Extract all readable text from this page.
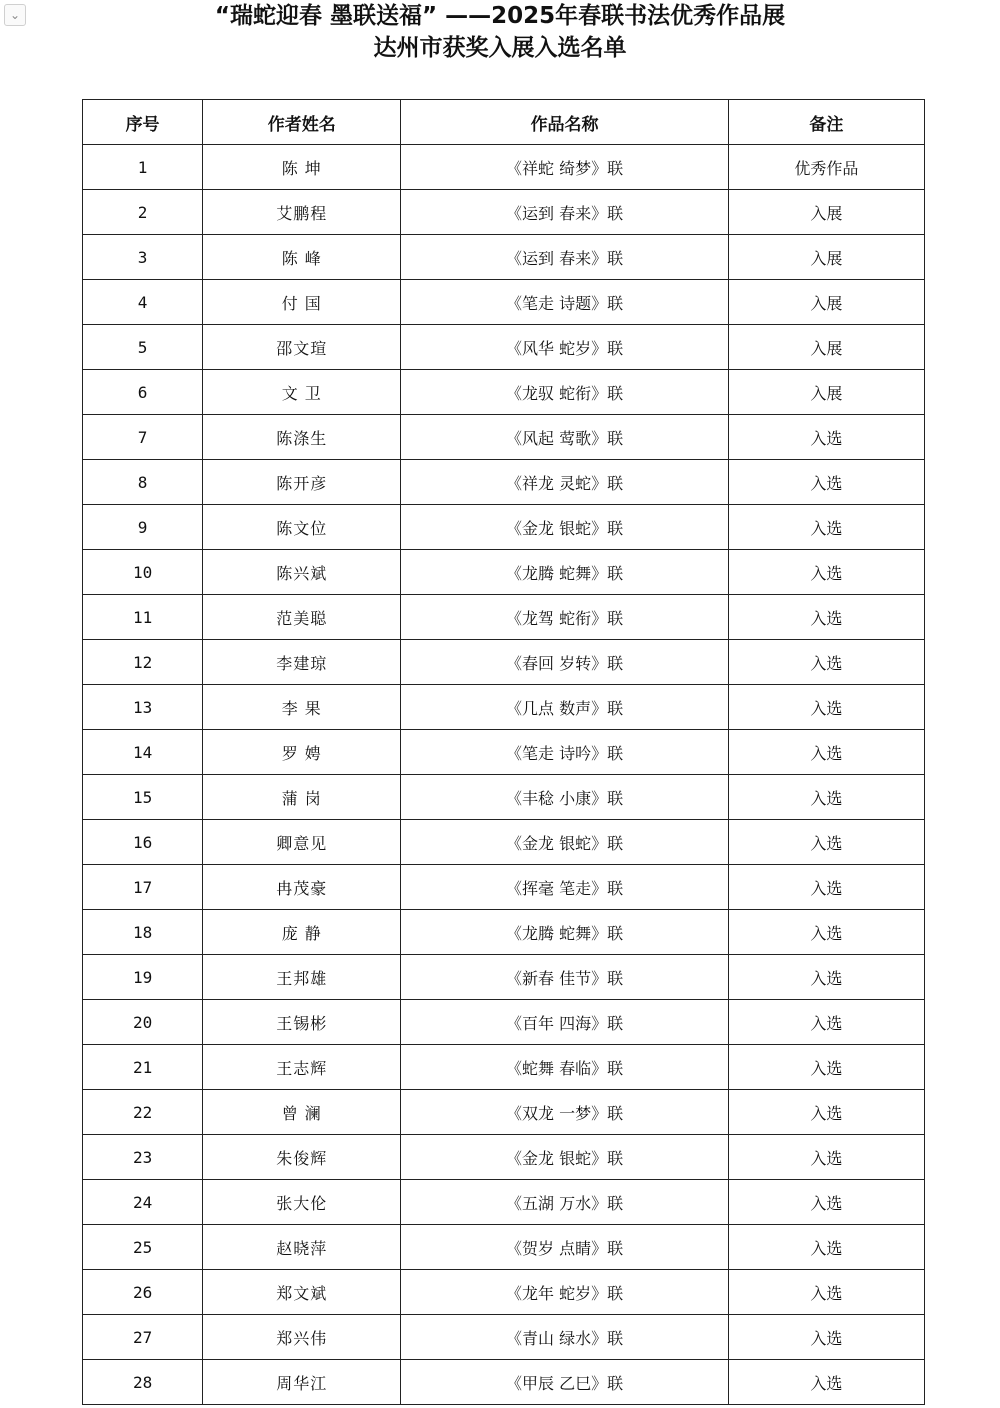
⌄	“瑞蛇迎春 墨联送福” ——2025年春联书法优秀作品展
达州市获奖入展入选名单
序号	作者姓名	作品名称	备注
1	陈 坤	《祥蛇 绮梦》联	优秀作品
2	艾鹏程	《运到 春来》联	入展
3	陈 峰	《运到 春来》联	入展
4	付 国	《笔走 诗题》联	入展
5	邵文瑄	《风华 蛇岁》联	入展
6	文 卫	《龙驭 蛇衔》联	入展
7	陈涤生	《风起 莺歌》联	入选
8	陈开彦	《祥龙 灵蛇》联	入选
9	陈文位	《金龙 银蛇》联	入选
10	陈兴斌	《龙腾 蛇舞》联	入选
11	范美聪	《龙驾 蛇衔》联	入选
12	李建琼	《春回 岁转》联	入选
13	李 果	《几点 数声》联	入选
14	罗 娉	《笔走 诗吟》联	入选
15	蒲 岗	《丰稔 小康》联	入选
16	卿意见	《金龙 银蛇》联	入选
17	冉茂豪	《挥毫 笔走》联	入选
18	庞 静	《龙腾 蛇舞》联	入选
19	王邦雄	《新春 佳节》联	入选
20	王锡彬	《百年 四海》联	入选
21	王志辉	《蛇舞 春临》联	入选
22	曾 澜	《双龙 一梦》联	入选
23	朱俊辉	《金龙 银蛇》联	入选
24	张大伦	《五湖 万水》联	入选
25	赵晓萍	《贺岁 点睛》联	入选
26	郑文斌	《龙年 蛇岁》联	入选
27	郑兴伟	《青山 绿水》联	入选
28	周华江	《甲辰 乙巳》联	入选
